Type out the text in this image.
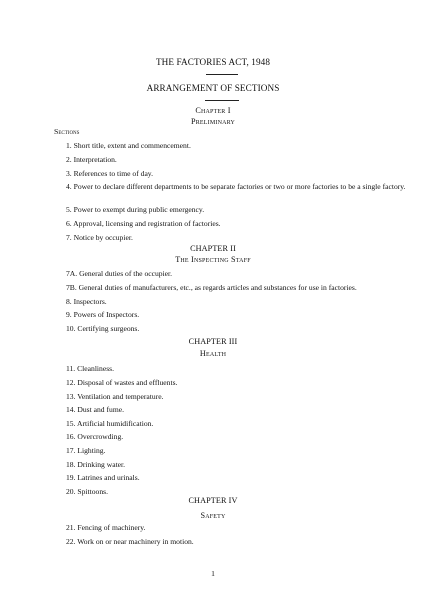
THE FACTORIES ACT, 1948
ARRANGEMENT OF SECTIONS
Chapter I
Preliminary
Sections
1. Short title, extent and commencement.
2. Interpretation.
3. References to time of day.
4. Power to declare different departments to be separate factories or two or more factories to be a single factory.
5. Power to exempt during public emergency.
6. Approval, licensing and registration of factories.
7. Notice by occupier.
CHAPTER II
The Inspecting Staff
7A. General duties of the occupier.
7B. General duties of manufacturers, etc., as regards articles and substances for use in factories.
8. Inspectors.
9. Powers of Inspectors.
10. Certifying surgeons.
CHAPTER III
Health
11. Cleanliness.
12. Disposal of wastes and effluents.
13. Ventilation and temperature.
14. Dust and fume.
15. Artificial humidification.
16. Overcrowding.
17. Lighting.
18. Drinking water.
19. Latrines and urinals.
20. Spittoons.
CHAPTER IV
Safety
21. Fencing of machinery.
22. Work on or near machinery in motion.
1
